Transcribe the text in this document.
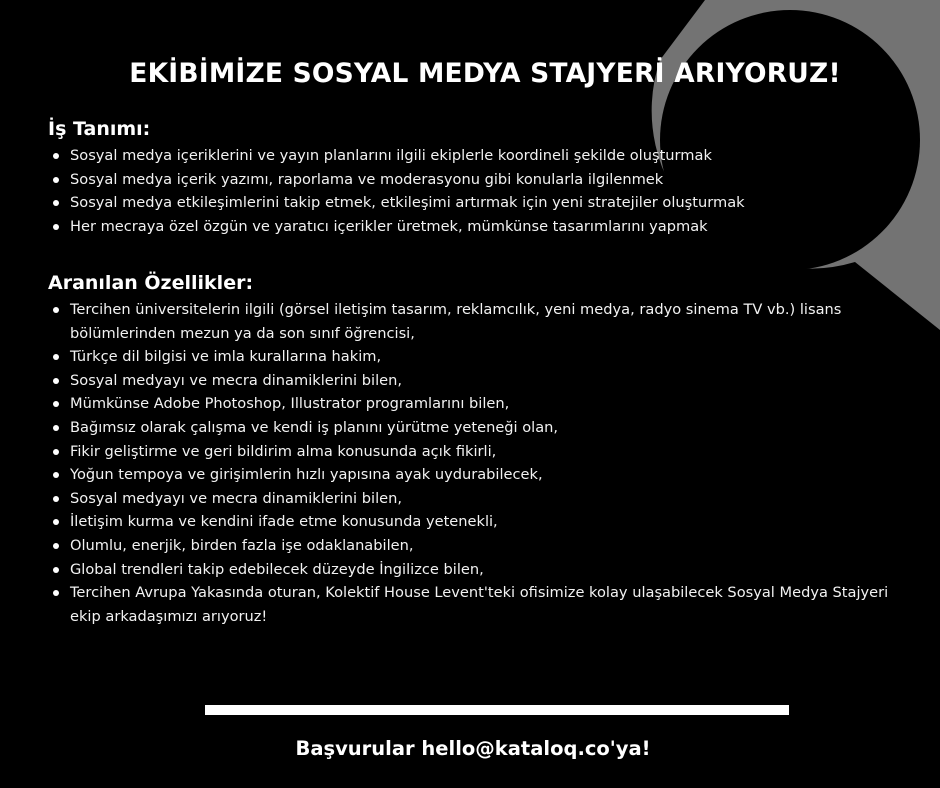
EKİBİMİZE SOSYAL MEDYA STAJYERİ ARIYORUZ!
İş Tanımı:
Sosyal medya içeriklerini ve yayın planlarını ilgili ekiplerle koordineli şekilde oluşturmak
Sosyal medya içerik yazımı, raporlama ve moderasyonu gibi konularla ilgilenmek
Sosyal medya etkileşimlerini takip etmek, etkileşimi artırmak için yeni stratejiler oluşturmak
Her mecraya özel özgün ve yaratıcı içerikler üretmek, mümkünse tasarımlarını yapmak
Aranılan Özellikler:
Tercihen üniversitelerin ilgili (görsel iletişim tasarım, reklamcılık, yeni medya, radyo sinema TV vb.) lisans bölümlerinden mezun ya da son sınıf öğrencisi,
Türkçe dil bilgisi ve imla kurallarına hakim,
Sosyal medyayı ve mecra dinamiklerini bilen,
Mümkünse Adobe Photoshop, Illustrator programlarını bilen,
Bağımsız olarak çalışma ve kendi iş planını yürütme yeteneği olan,
Fikir geliştirme ve geri bildirim alma konusunda açık fikirli,
Yoğun tempoya ve girişimlerin hızlı yapısına ayak uydurabilecek,
Sosyal medyayı ve mecra dinamiklerini bilen,
İletişim kurma ve kendini ifade etme konusunda yetenekli,
Olumlu, enerjik, birden fazla işe odaklanabilen,
Global trendleri takip edebilecek düzeyde İngilizce bilen,
Tercihen Avrupa Yakasında oturan, Kolektif House Levent'teki ofisimize kolay ulaşabilecek Sosyal Medya Stajyeri ekip arkadaşımızı arıyoruz!
Başvurular hello@kataloq.co'ya!
